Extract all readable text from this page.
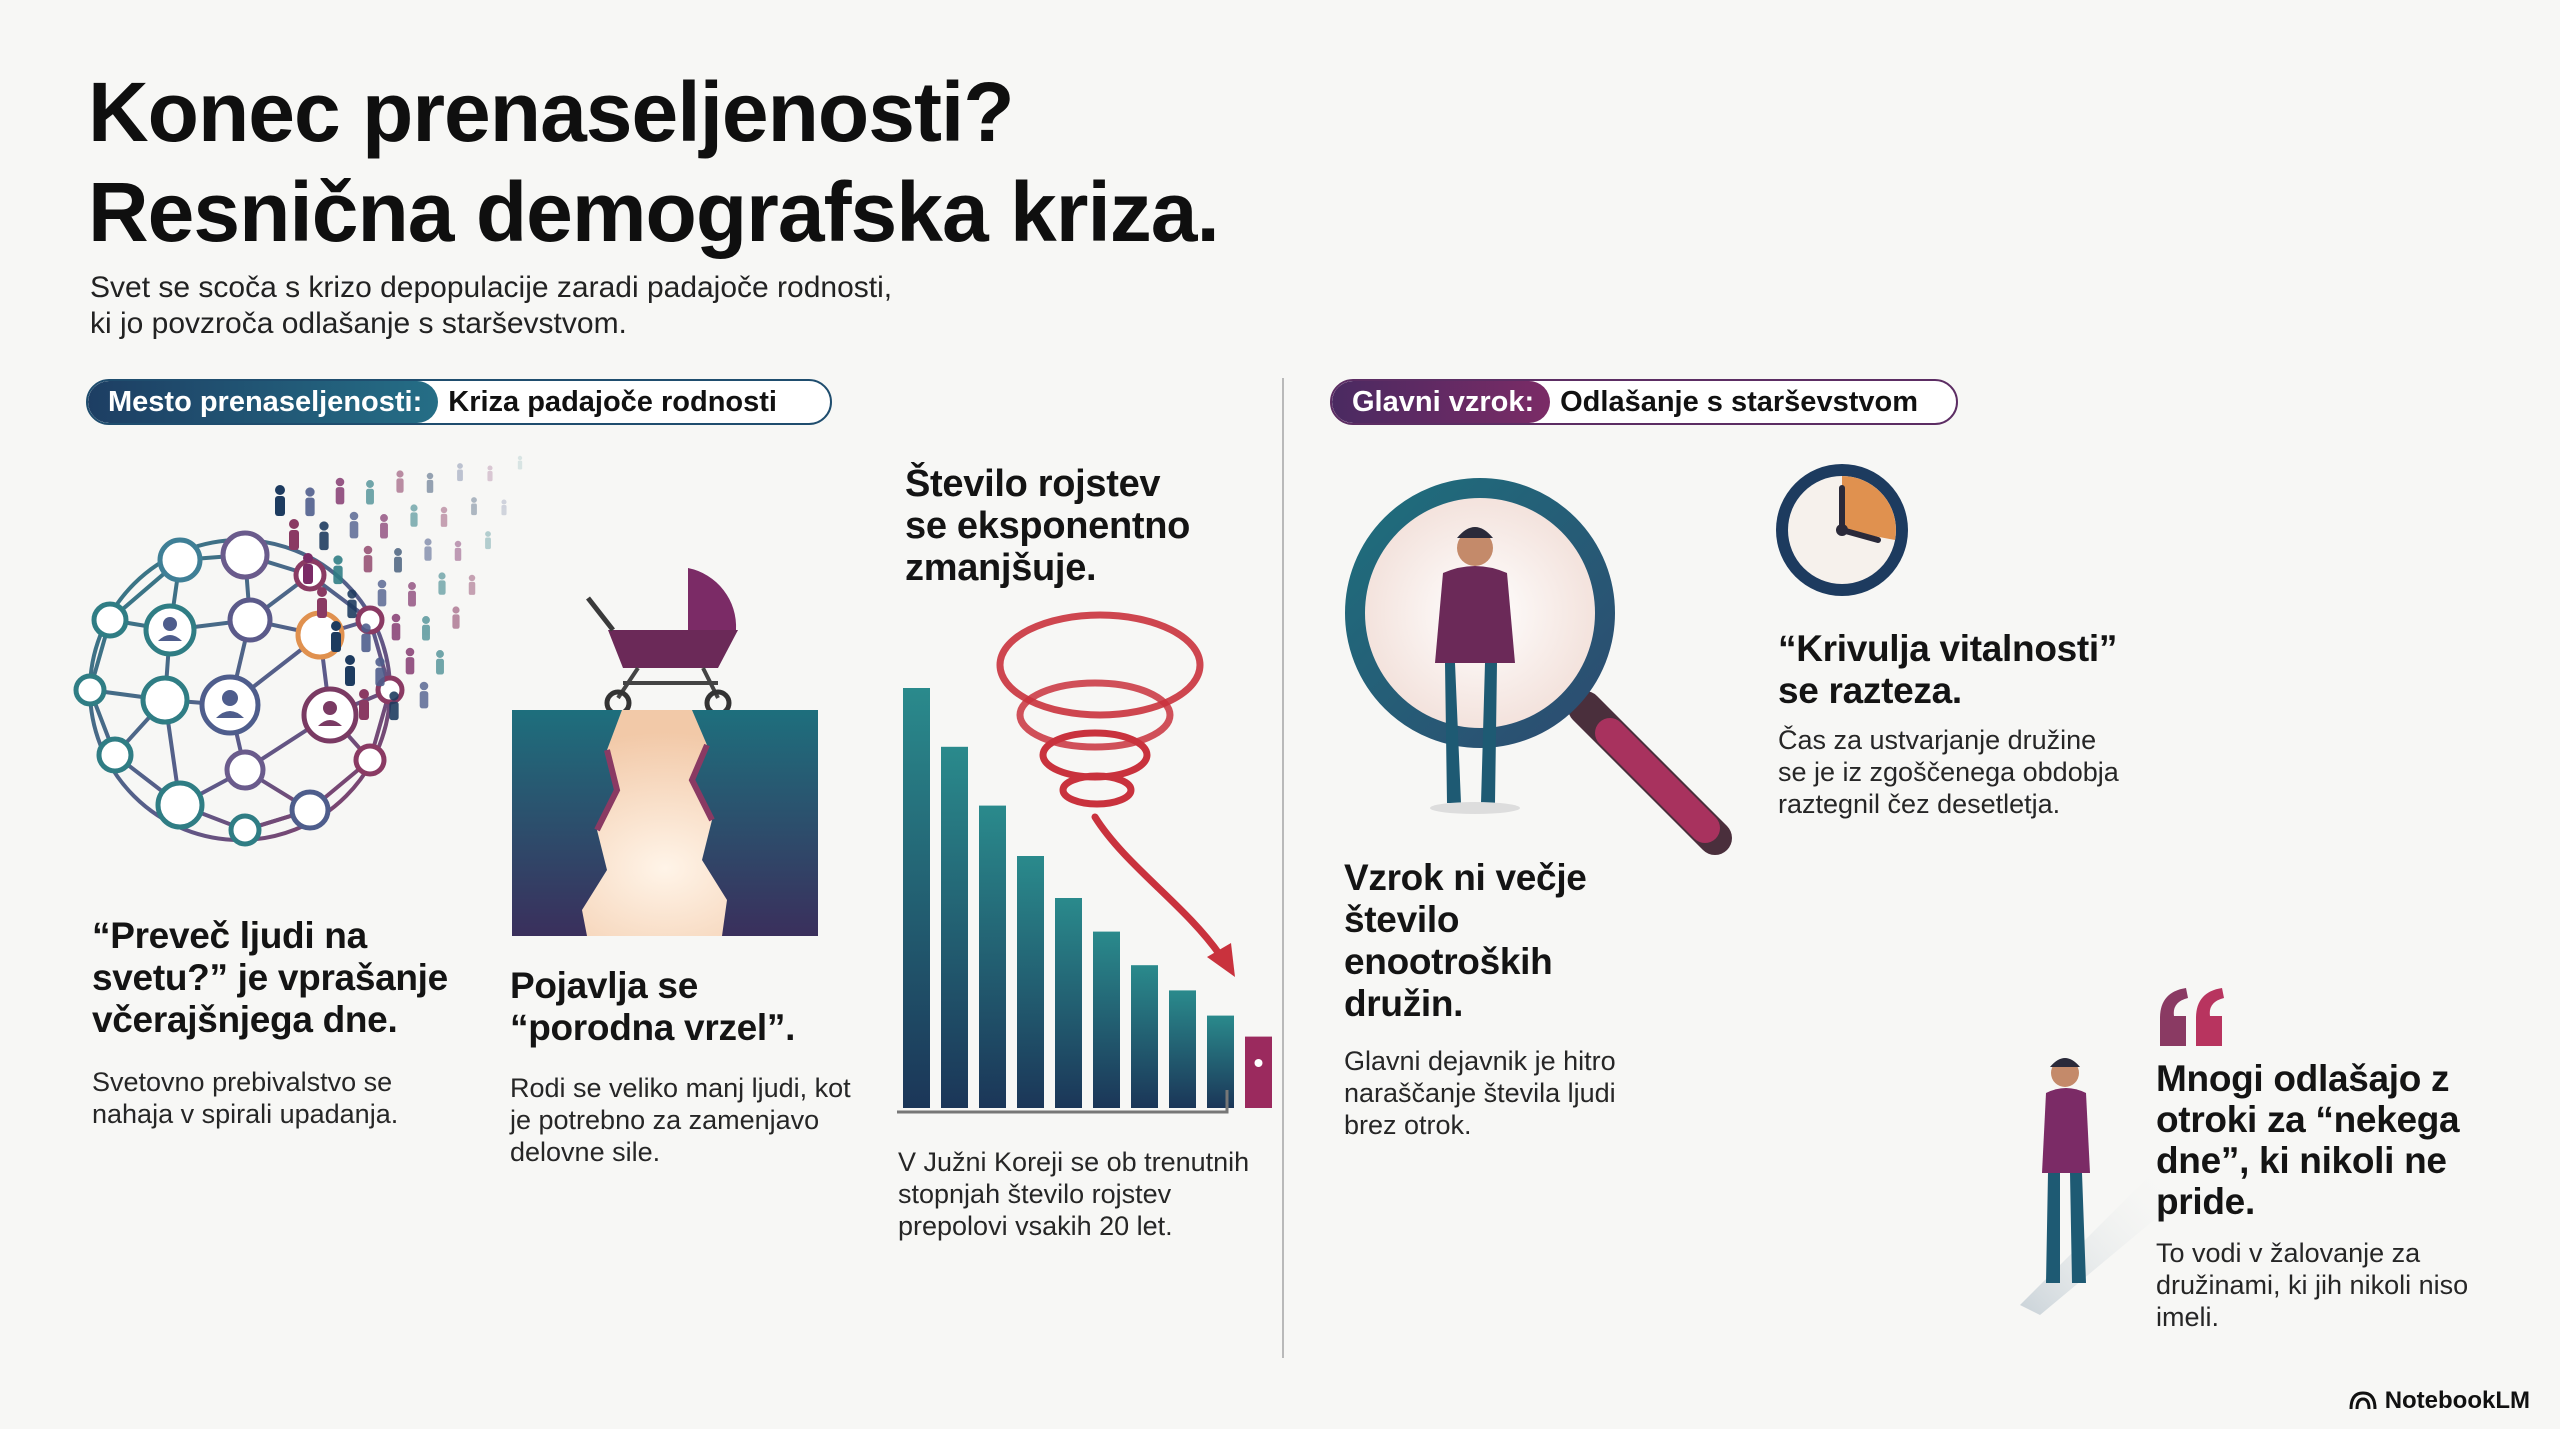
Konec prenaseljenosti?
Resnična demografska kriza.
Svet se scoča s krizo depopulacije zaradi padajoče rodnosti,
ki jo povzroča odlašanje s starševstvom.
Mesto prenaseljenosti: Kriza padajoče rodnosti	Glavni vzrok: Odlašanje s starševstvom
“Preveč ljudi na
svetu?” je vprašanje
včerajšnjega dne.
Svetovno prebivalstvo se
nahaja v spirali upadanja.
Pojavlja se
“porodna vrzel”.
Rodi se veliko manj ljudi, kot
je potrebno za zamenjavo
delovne sile.
Število rojstev
se eksponentno
zmanjšuje.
V Južni Koreji se ob trenutnih
stopnjah število rojstev
prepolovi vsakih 20 let.
Vzrok ni večje
število
enootroških
družin.
Glavni dejavnik je hitro
naraščanje števila ljudi
brez otrok.
“Krivulja vitalnosti”
se razteza.
Čas za ustvarjanje družine
se je iz zgoščenega obdobja
raztegnil čez desetletja.
Mnogi odlašajo z
otroki za “nekega
dne”, ki nikoli ne
pride.
To vodi v žalovanje za
družinami, ki jih nikoli niso
imeli.
NotebookLM
